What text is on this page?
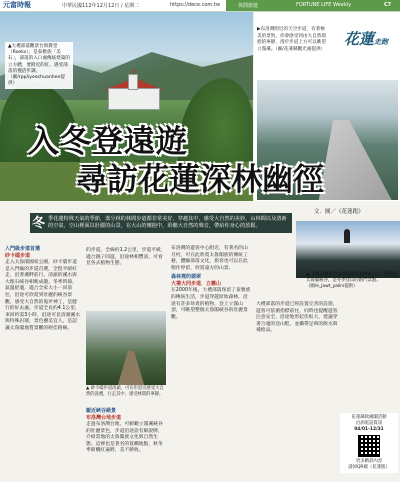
元富時報	中華民國112年12月12日 / 星期二	https://dece.com.tw	休閒旅遊	FORTUNE LIFE Weekly	C7
✝
▲大禮部落觀景台與教堂（Roeks），是泰雅族「美石」，部落的入口處傳統建築的立方體，要附近的紅，感受部落的慢活步調。（圖/rpp/iyeechuanhen提供）
▶布洛灣附近的天空步道，有著極美的景致，你會感受到由大自然環抱的寧靜，漫步步道上方可以眺望立霧溪。（圖/花蓮縣觀光處提供）
花蓮走跑
入冬登遠遊
尋訪花蓮深林幽徑
文．圖／《花蓮跑》
季花蓮特殊天氣的季節，部分林的林間步道都非常美好，穿越其中，感受大自然的美妙，山林間以及清新的空氣，空山裡面以壯麗的山景，在大山的懷抱中，聆聽大自然的聲音，帶給你身心的放鬆。
冬
入門級步道首選
砂卡礑步道
走入太魯閣國家公園，砂卡礑步道是入門級的步道首選，全程平緩好走，沿著溪畔前行，清澈的溪水與大理石峽谷相映成趣。冬季時節，氣溫舒適，適合全家大小一同前往，沿途可欣賞到壯麗的峽谷景觀，感受大自然的鬼斧神工，是健行的好去處。步道全長約4.1公里，來回約需3小時，沿途可見清澈溪水與特殊岩層，景色優美宜人，是認識太魯閣地質景觀的絕佳路線。
的步道，全線約1.2公里，步道平緩，適合親子同遊，沿途林相豐富，可看見各式植物生態。
▲ 砂卡礑步道清澈，可在步道旁感受大自然的洗禮，行走其中，感受林間的寧靜。
親近峽谷絕景
布洛灣台地步道
走過布洛灣台地，可俯瞰立霧溪峽谷的壯麗景色，步道沿途設有解說牌，介紹當地的太魯閣族文化與自然生態。這裡也是著名的賞楓地點，秋冬季節楓紅遍野，美不勝收。
布洛灣的遊客中心附近，有著名的山月村，可在此欣賞太魯閣族的傳統工藝，體驗部落文化，旅客也可以在此稍作停留，欣賞遠方的山景。
森林裡的翡翠
大禮大同步道．立霧山
在2000年後，大禮部落保留了泰雅族的傳統生活，步道穿越原始森林，沿途有許多珍貴的植物，登上立霧山頂，可眺望整個太魯閣峽谷的壯麗景觀。
▲ 立霧山觀景台位於海拔約1000公尺，可眺望太魯閣峽谷，是冬季登山的熱門景點。（圖/e_jawt_yalirs提供）
大禮部落的步道已經設置完善的設施，遊客可依循指標前往，同時也提醒遊客注意安全，沿途地形起伏較大，建議穿著合適的登山鞋，並攜帶足夠的飲水與補給品。
花蓮縣救國團活動
洽詢電話資訊
04/01-12/31
更多精彩內容
請掃QR碼（花蓮版）
